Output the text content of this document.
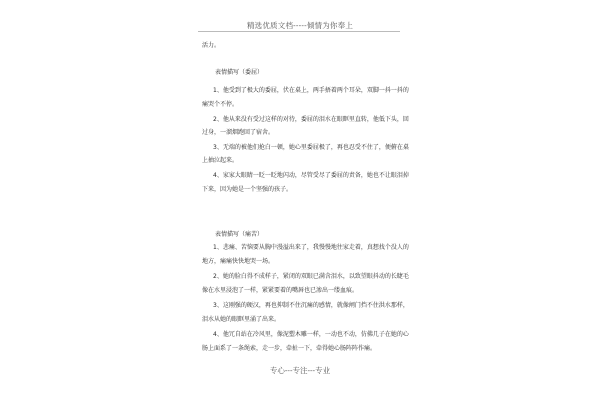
精选优质文档-----倾情为你奉上
活力。
表情描写（委屈）
1、他受到了极大的委屈，伏在桌上，两手捂着两个耳朵，双脚一抖一抖的
痛哭个不停。
2、他从来没有受过这样的对待，委屈的泪水在眼眶里直转，他低下头，回
过身，一溜烟跑回了宿舍。
3、无端的被他们抢白一顿，她心里委屈极了，再也忍受不住了，便俯在桌
上抽泣起来。
4、家家大眼睛一眨一眨地闪动，尽管受尽了委屈的责备，她也不让眼泪掉
下来，因为她是一个坚强的孩子。
表情描写（痛苦）
1、悲痛、苦恼要从胸中漫溢出来了，我慢慢地往家走着，真想找个没人的
地方，痛痛快快地哭一场。
2、她的脸白得不成样子，紧闭的双眼已满含泪水，以致望眼抖动的长睫毛
像在水里浸泡了一样，紧紧要着的嘴唇也已渗出一缕血痕。
3、这刚强的硬汉，再也抑制不住沉痛的感情，就像闸门挡不住洪水那样，
泪水从她的眼眶里涌了出来。
4、他冗自站在冷风里，像泥塑木雕一样，一动也不动，仿佛几子在她的心
肠上面系了一条绳索，走一步，牵扯一下，牵得她心肠阵阵作痛。
专心---专注---专业
